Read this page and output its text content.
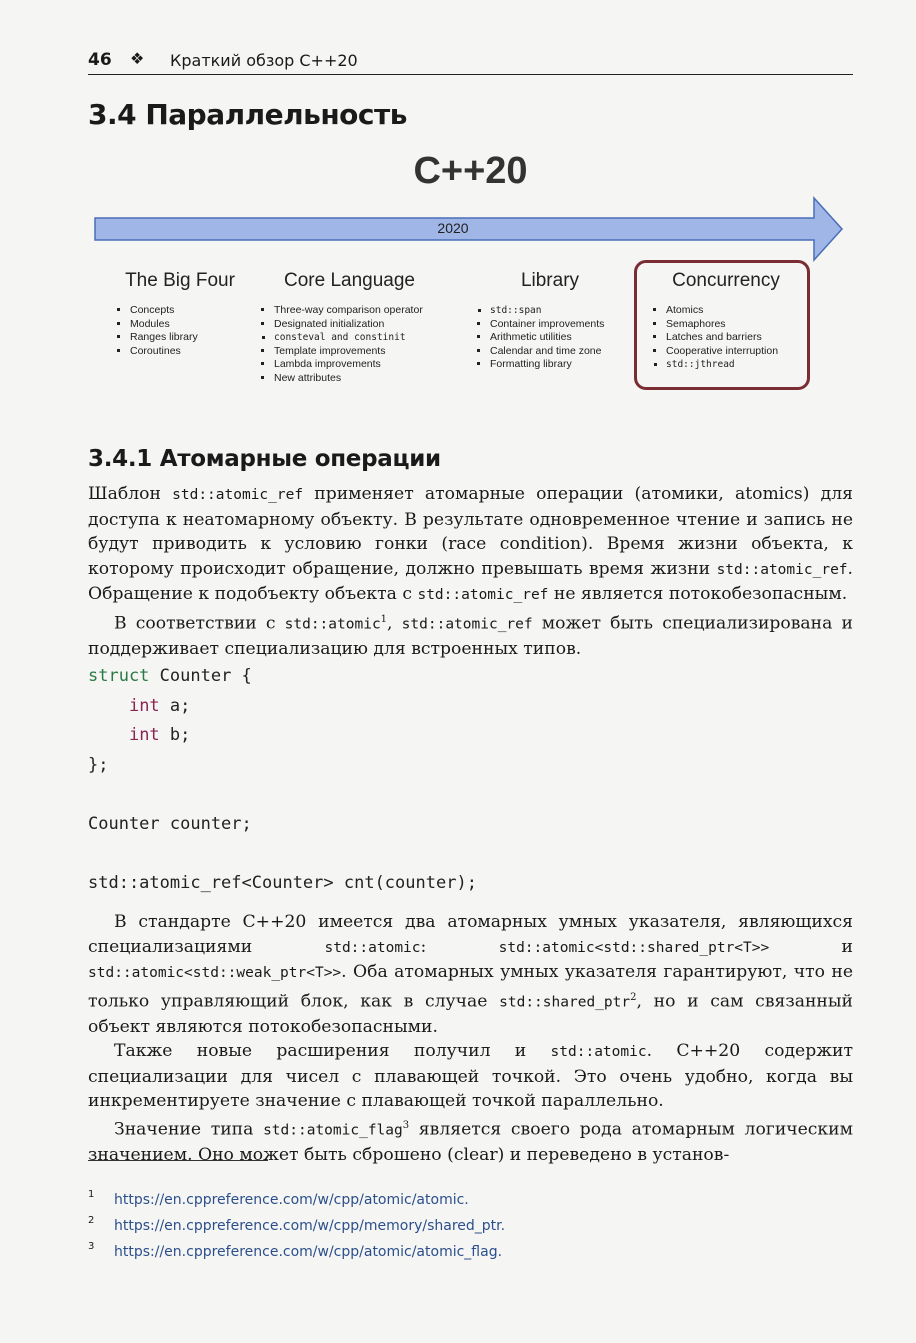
46 ❖ Краткий обзор C++20
3.4 Параллельность
C++20
2020
The Big Four
▪ Concepts
▪ Modules
▪ Ranges library
▪ Coroutines
Core Language
▪ Three-way comparison operator
▪ Designated initialization
▪ consteval and constinit
▪ Template improvements
▪ Lambda improvements
▪ New attributes
Library
▪ std::span
▪ Container improvements
▪ Arithmetic utilities
▪ Calendar and time zone
▪ Formatting library
Concurrency
▪ Atomics
▪ Semaphores
▪ Latches and barriers
▪ Cooperative interruption
▪ std::jthread
3.4.1 Атомарные операции

Шаблон std::atomic_ref применяет атомарные операции (атомики, atomics) для доступа к неатомарному объекту. В результате одновременное чтение и запись не будут приводить к условию гонки (race condition). Время жизни объекта, к которому происходит обращение, должно превышать время жизни std::atomic_ref. Обращение к подобъекту объекта с std::atomic_ref не является потокобезопасным.

В соответствии с std::atomic$^1$, std::atomic_ref может быть специализирована и поддерживает специализацию для встроенных типов.

struct Counter {
int a;
int b;
};

Counter counter;

std::atomic_ref<Counter> cnt(counter);

В стандарте C++20 имеется два атомарных умных указателя, являющихся специализациями std::atomic: std::atomic<std::shared_ptr<T>> и std::atomic<std::weak_ptr<T>>. Оба атомарных умных указателя гарантируют, что не только управляющий блок, как в случае std::shared_ptr$^2$, но и сам связанный объект являются потокобезопасными.

Также новые расширения получил и std::atomic. C++20 содержит специализации для чисел с плавающей точкой. Это очень удобно, когда вы инкрементируете значение с плавающей точкой параллельно.

Значение типа std::atomic_flag$^3$ является своего рода атомарным логическим значением. Оно может быть сброшено (clear) и переведено в установ-

1 https://en.cppreference.com/w/cpp/atomic/atomic.
2 https://en.cppreference.com/w/cpp/memory/shared_ptr.
3 https://en.cppreference.com/w/cpp/atomic/atomic_flag.
